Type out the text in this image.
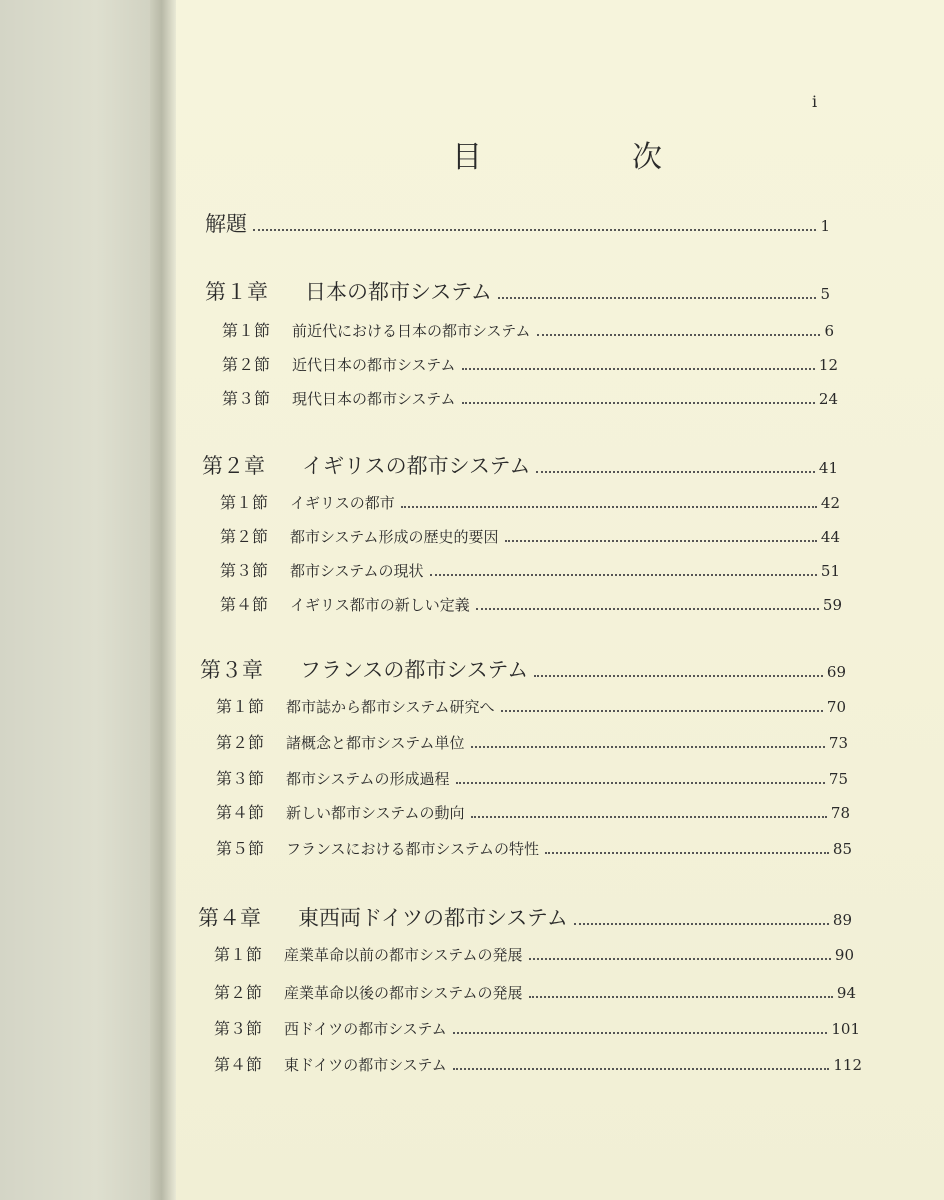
i
目　次
解題	1
第１章 日本の都市システム	5
第１節 前近代における日本の都市システム	6
第２節 近代日本の都市システム	12
第３節 現代日本の都市システム	24
第２章 イギリスの都市システム	41
第１節 イギリスの都市	42
第２節 都市システム形成の歴史的要因	44
第３節 都市システムの現状	51
第４節 イギリス都市の新しい定義	59
第３章 フランスの都市システム	69
第１節 都市誌から都市システム研究へ	70
第２節 諸概念と都市システム単位	73
第３節 都市システムの形成過程	75
第４節 新しい都市システムの動向	78
第５節 フランスにおける都市システムの特性	85
第４章 東西両ドイツの都市システム	89
第１節 産業革命以前の都市システムの発展	90
第２節 産業革命以後の都市システムの発展	94
第３節 西ドイツの都市システム	101
第４節 東ドイツの都市システム	112
